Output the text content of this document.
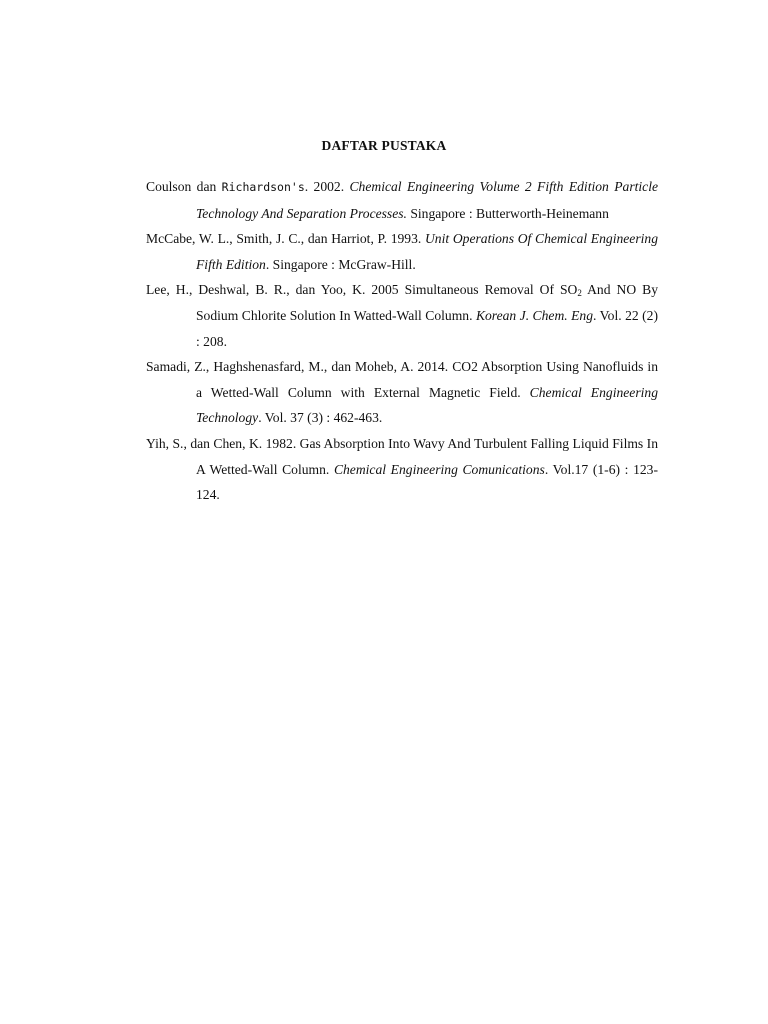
DAFTAR PUSTAKA

Coulson dan Richardson's. 2002. Chemical Engineering Volume 2 Fifth Edition Particle Technology And Separation Processes. Singapore : Butterworth-Heinemann

McCabe, W. L., Smith, J. C., dan Harriot, P. 1993. Unit Operations Of Chemical Engineering Fifth Edition. Singapore : McGraw-Hill.

Lee, H., Deshwal, B. R., dan Yoo, K. 2005 Simultaneous Removal Of $SO_2$ And NO By Sodium Chlorite Solution In Watted-Wall Column. Korean J. Chem. Eng. Vol. 22 (2) : 208.

Samadi, Z., Haghshenasfard, M., dan Moheb, A. 2014. CO2 Absorption Using Nanofluids in a Wetted-Wall Column with External Magnetic Field. Chemical Engineering Technology. Vol. 37 (3) : 462-463.

Yih, S., dan Chen, K. 1982. Gas Absorption Into Wavy And Turbulent Falling Liquid Films In A Wetted-Wall Column. Chemical Engineering Comunications. Vol.17 (1-6) : 123-124.
